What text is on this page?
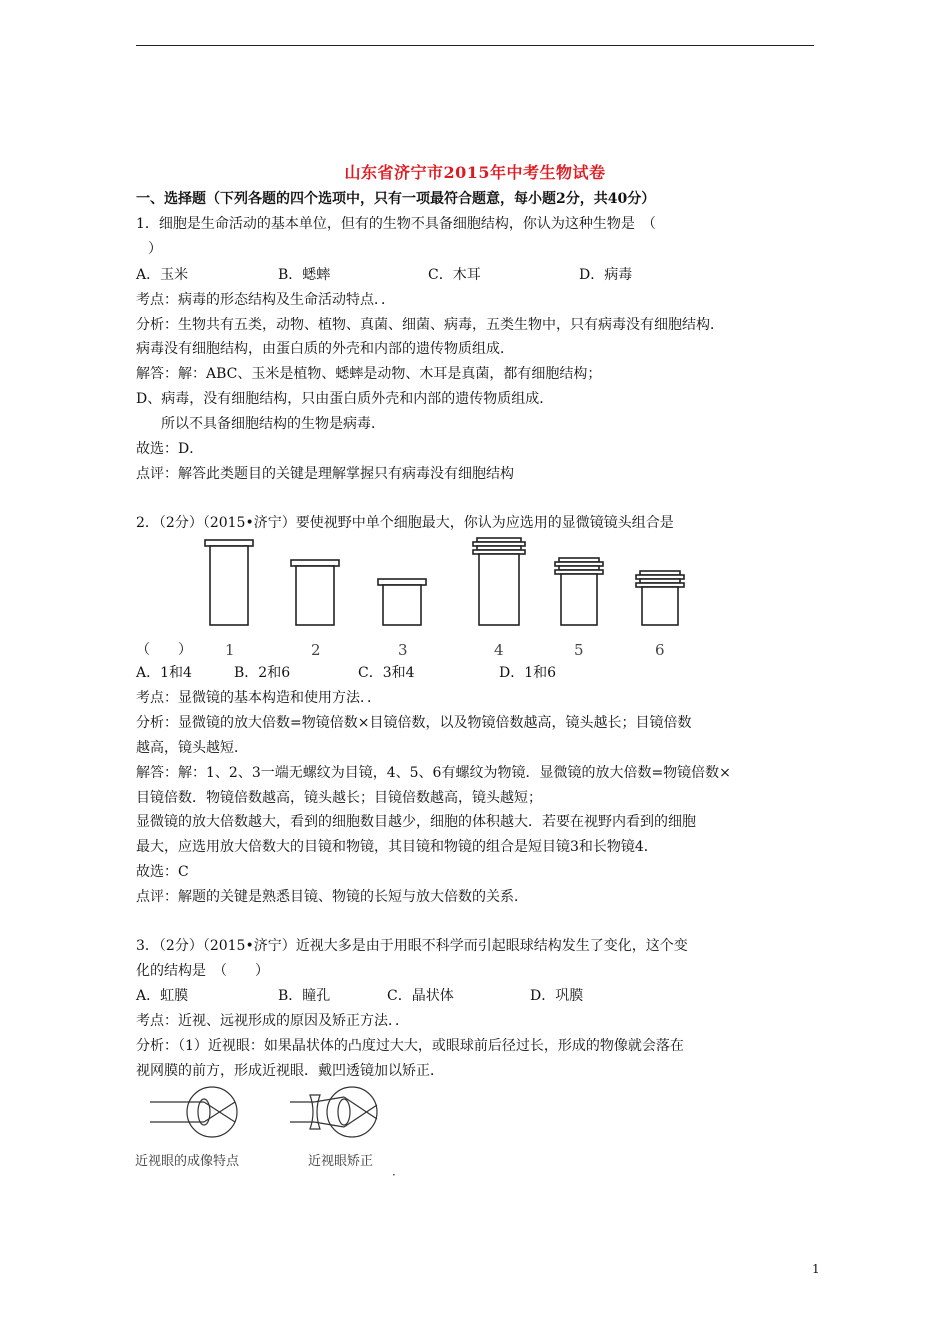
山东省济宁市2015年中考生物试卷
一、选择题（下列各题的四个选项中，只有一项最符合题意，每小题2分，共40分）
1．细胞是生命活动的基本单位，但有的生物不具备细胞结构，你认为这种生物是　（
）
A．玉米	B．蟋蟀	C．木耳	D．病毒
考点：病毒的形态结构及生命活动特点．．
分析：生物共有五类，动物、植物、真菌、细菌、病毒，五类生物中，只有病毒没有细胞结构．
病毒没有细胞结构，由蛋白质的外壳和内部的遗传物质组成．
解答：解：ABC、玉米是植物、蟋蟀是动物、木耳是真菌，都有细胞结构；
D、病毒，没有细胞结构，只由蛋白质外壳和内部的遗传物质组成．
所以不具备细胞结构的生物是病毒．
故选：D．
点评：解答此类题目的关键是理解掌握只有病毒没有细胞结构
2．（2分）（2015•济宁）要使视野中单个细胞最大，你认为应选用的显微镜镜头组合是
1	2	3	4	5	6
（　　）
A．1和4	B．2和6	C．3和4	D．1和6
考点：显微镜的基本构造和使用方法．．
分析：显微镜的放大倍数=物镜倍数×目镜倍数，以及物镜倍数越高，镜头越长；目镜倍数
越高，镜头越短．
解答：解：1、2、3一端无螺纹为目镜，4、5、6有螺纹为物镜．显微镜的放大倍数=物镜倍数×
目镜倍数．物镜倍数越高，镜头越长；目镜倍数越高，镜头越短；
显微镜的放大倍数越大，看到的细胞数目越少，细胞的体积越大．若要在视野内看到的细胞
最大，应选用放大倍数大的目镜和物镜，其目镜和物镜的组合是短目镜3和长物镜4．
故选：C
点评：解题的关键是熟悉目镜、物镜的长短与放大倍数的关系．
3．（2分）（2015•济宁）近视大多是由于用眼不科学而引起眼球结构发生了变化，这个变
化的结构是　（　　）
A．虹膜	B．瞳孔	C．晶状体	D．巩膜
考点：近视、远视形成的原因及矫正方法．．
分析：（1）近视眼：如果晶状体的凸度过大大，或眼球前后径过长，形成的物像就会落在
视网膜的前方，形成近视眼．戴凹透镜加以矫正．
近视眼的成像特点	近视眼矫正
．
1
